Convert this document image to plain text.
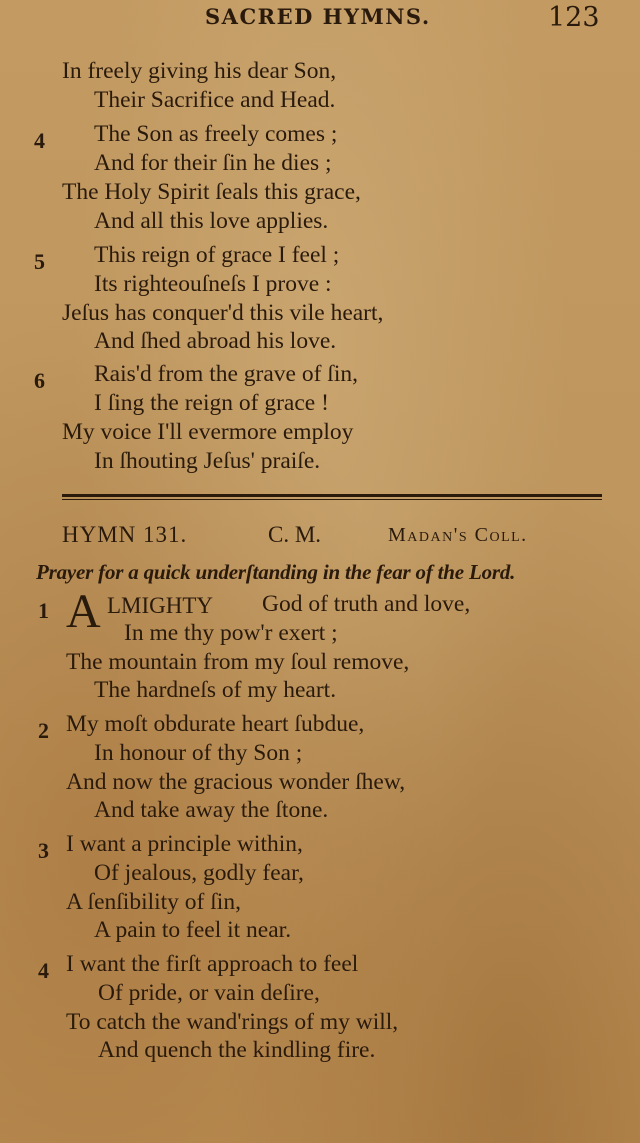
SACRED HYMNS.	123
In freely giving his dear Son,
Their Sacrifice and Head.
4 The Son as freely comes ;
And for their ſin he dies ;
The Holy Spirit ſeals this grace,
And all this love applies.
5 This reign of grace I feel ;
Its righteouſneſs I prove :
Jeſus has conquer'd this vile heart,
And ſhed abroad his love.
6 Rais'd from the grave of ſin,
I ſing the reign of grace !
My voice I'll evermore employ
In ſhouting Jeſus' praiſe.
HYMN 131.	C. M.	Madan's Coll.
Prayer for a quick underſtanding in the fear of the Lord.
1 A LMIGHTY God of truth and love,
In me thy pow'r exert ;
The mountain from my ſoul remove,
The hardneſs of my heart.
2 My moſt obdurate heart ſubdue,
In honour of thy Son ;
And now the gracious wonder ſhew,
And take away the ſtone.
3 I want a principle within,
Of jealous, godly fear,
A ſenſibility of ſin,
A pain to feel it near.
4 I want the firſt approach to feel
Of pride, or vain deſire,
To catch the wand'rings of my will,
And quench the kindling fire.
